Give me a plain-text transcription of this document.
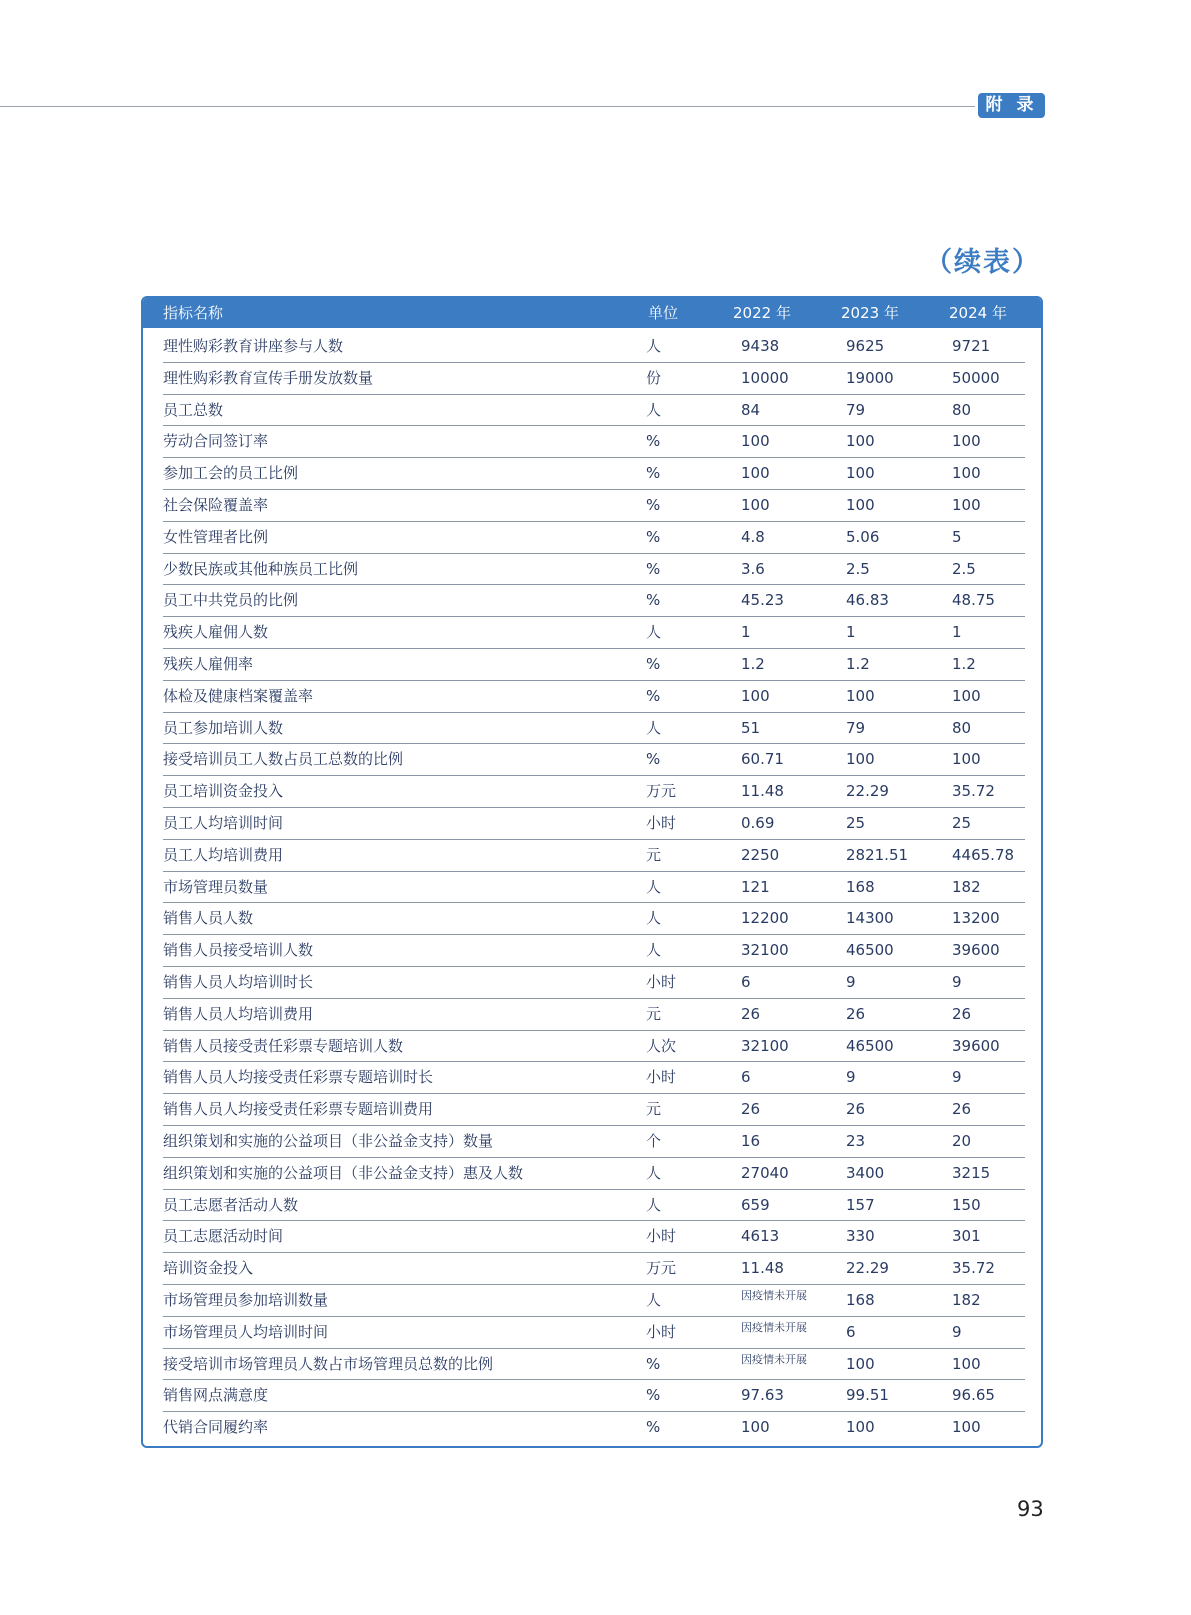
附 录
（续表）
指标名称	单位	2022 年	2023 年	2024 年
理性购彩教育讲座参与人数	人	9438	9625	9721
理性购彩教育宣传手册发放数量	份	10000	19000	50000
员工总数	人	84	79	80
劳动合同签订率	%	100	100	100
参加工会的员工比例	%	100	100	100
社会保险覆盖率	%	100	100	100
女性管理者比例	%	4.8	5.06	5
少数民族或其他种族员工比例	%	3.6	2.5	2.5
员工中共党员的比例	%	45.23	46.83	48.75
残疾人雇佣人数	人	1	1	1
残疾人雇佣率	%	1.2	1.2	1.2
体检及健康档案覆盖率	%	100	100	100
员工参加培训人数	人	51	79	80
接受培训员工人数占员工总数的比例	%	60.71	100	100
员工培训资金投入	万元	11.48	22.29	35.72
员工人均培训时间	小时	0.69	25	25
员工人均培训费用	元	2250	2821.51	4465.78
市场管理员数量	人	121	168	182
销售人员人数	人	12200	14300	13200
销售人员接受培训人数	人	32100	46500	39600
销售人员人均培训时长	小时	6	9	9
销售人员人均培训费用	元	26	26	26
销售人员接受责任彩票专题培训人数	人次	32100	46500	39600
销售人员人均接受责任彩票专题培训时长	小时	6	9	9
销售人员人均接受责任彩票专题培训费用	元	26	26	26
组织策划和实施的公益项目（非公益金支持）数量	个	16	23	20
组织策划和实施的公益项目（非公益金支持）惠及人数	人	27040	3400	3215
员工志愿者活动人数	人	659	157	150
员工志愿活动时间	小时	4613	330	301
培训资金投入	万元	11.48	22.29	35.72
市场管理员参加培训数量	人	因疫情未开展	168	182
市场管理员人均培训时间	小时	因疫情未开展	6	9
接受培训市场管理员人数占市场管理员总数的比例	%	因疫情未开展	100	100
销售网点满意度	%	97.63	99.51	96.65
代销合同履约率	%	100	100	100
93
